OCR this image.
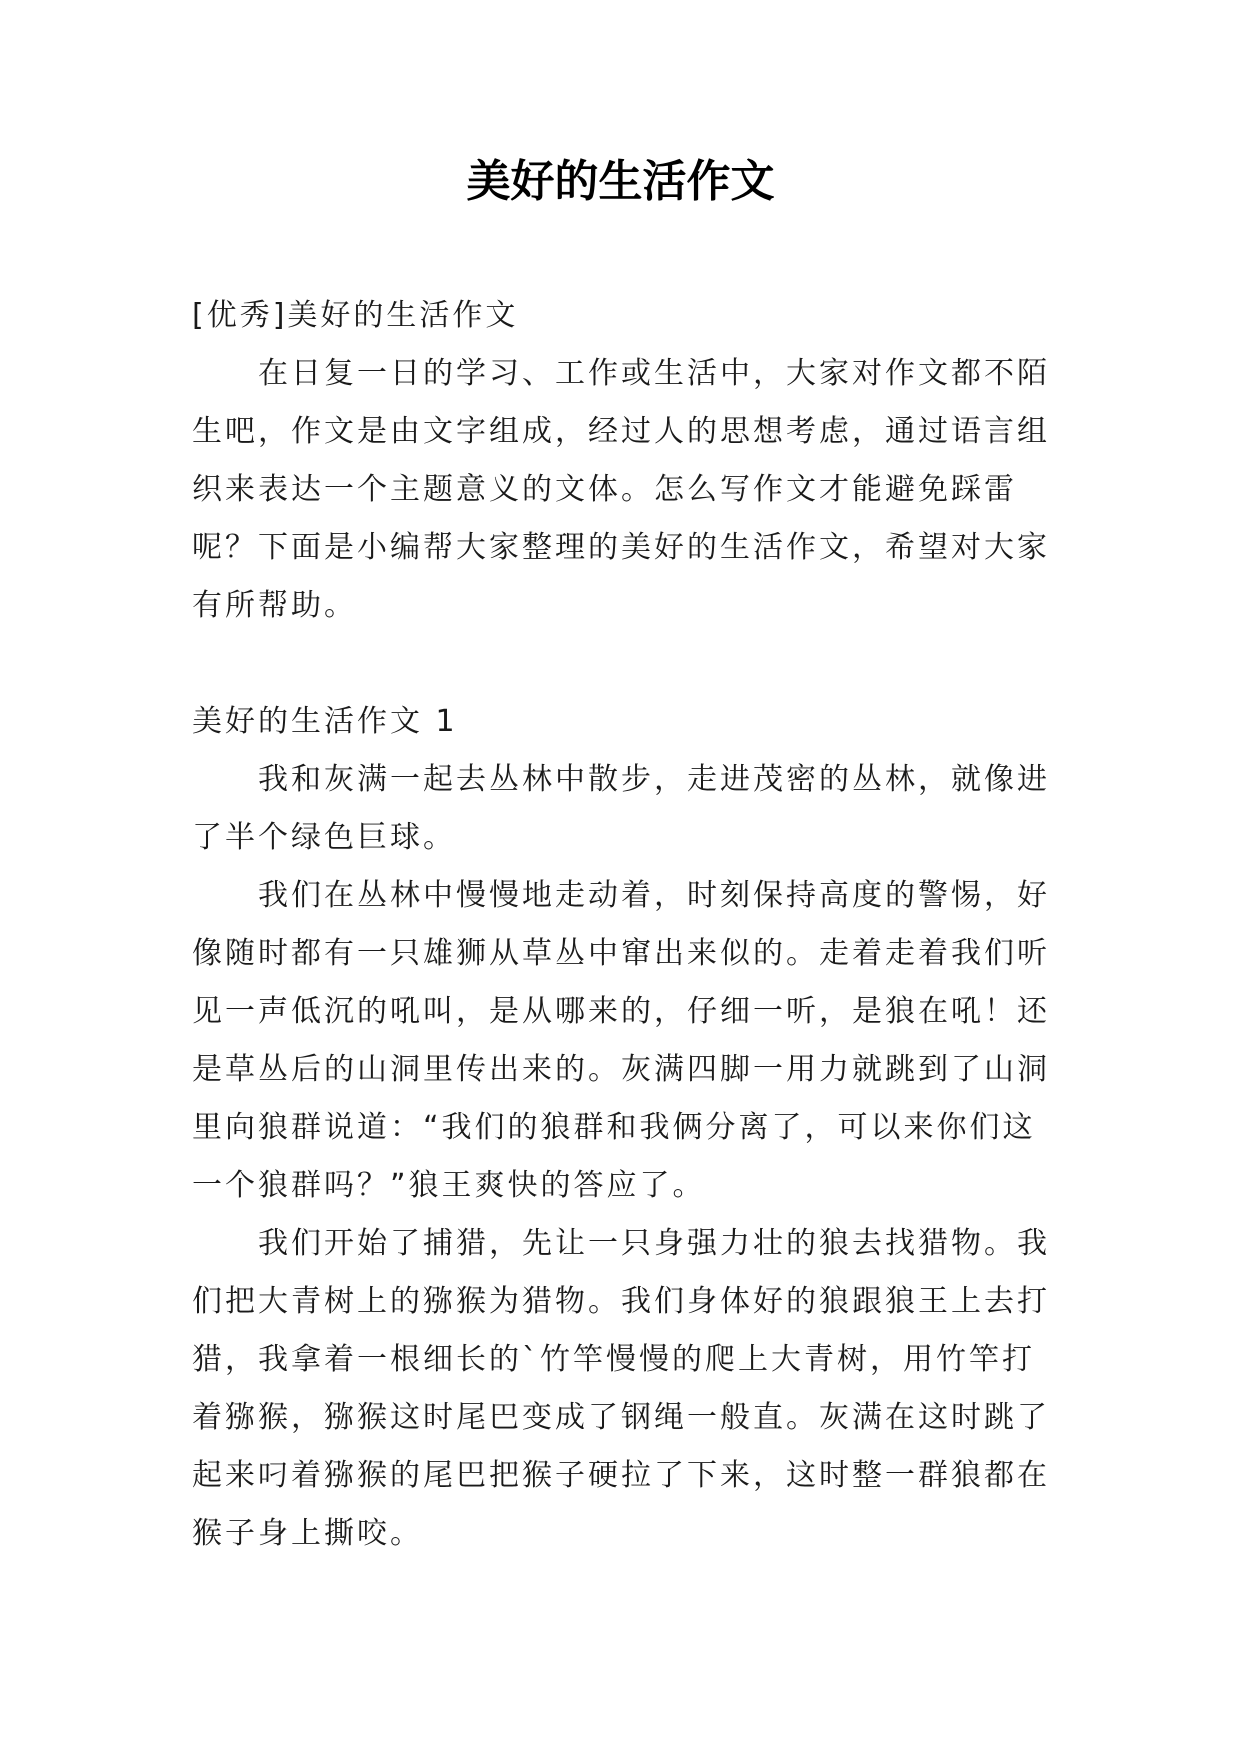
美好的生活作文

[优秀]美好的生活作文

在日复一日的学习、工作或生活中，大家对作文都不陌生吧，作文是由文字组成，经过人的思想考虑，通过语言组织来表达一个主题意义的文体。怎么写作文才能避免踩雷呢？下面是小编帮大家整理的美好的生活作文，希望对大家有所帮助。

美好的生活作文 1

我和灰满一起去丛林中散步，走进茂密的丛林，就像进了半个绿色巨球。

我们在丛林中慢慢地走动着，时刻保持高度的警惕，好像随时都有一只雄狮从草丛中窜出来似的。走着走着我们听见一声低沉的吼叫，是从哪来的，仔细一听，是狼在吼！还是草丛后的山洞里传出来的。灰满四脚一用力就跳到了山洞里向狼群说道：“我们的狼群和我俩分离了，可以来你们这一个狼群吗？”狼王爽快的答应了。

我们开始了捕猎，先让一只身强力壮的狼去找猎物。我们把大青树上的猕猴为猎物。我们身体好的狼跟狼王上去打猎，我拿着一根细长的`竹竿慢慢的爬上大青树，用竹竿打着猕猴，猕猴这时尾巴变成了钢绳一般直。灰满在这时跳了起来叼着猕猴的尾巴把猴子硬拉了下来，这时整一群狼都在猴子身上撕咬。
